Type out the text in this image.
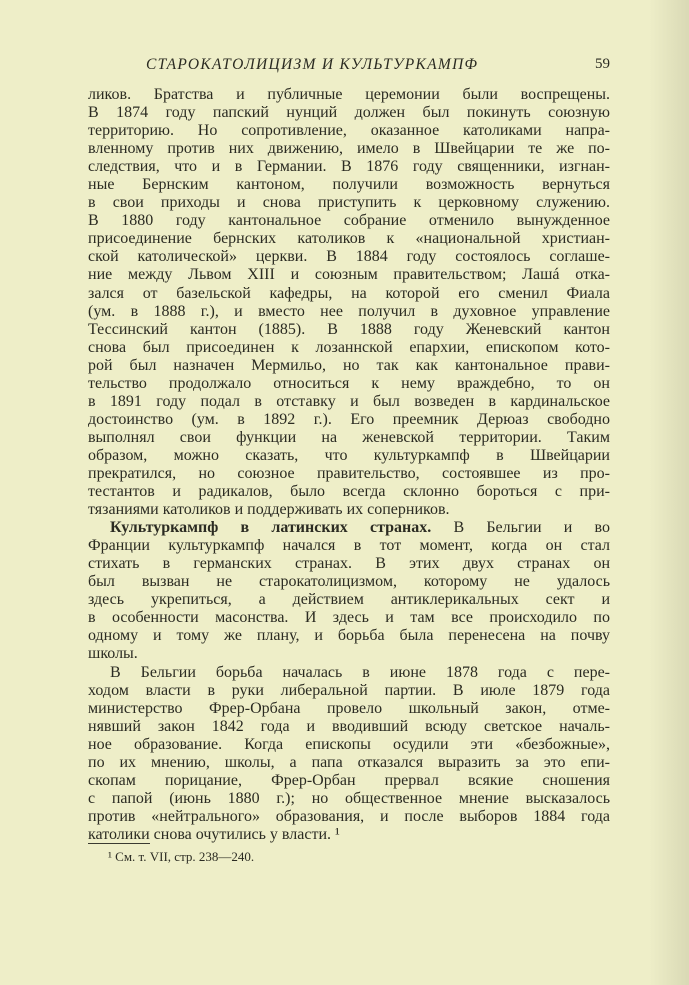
СТАРОКАТОЛИЦИЗМ И КУЛЬТУРКАМПФ	59
ликов. Братства и публичные церемонии были воспрещены.
В 1874 году папский нунций должен был покинуть союзную
территорию. Но сопротивление, оказанное католиками напра-
вленному против них движению, имело в Швейцарии те же по-
следствия, что и в Германии. В 1876 году священники, изгнан-
ные Бернским кантоном, получили возможность вернуться
в свои приходы и снова приступить к церковному служению.
В 1880 году кантональное собрание отменило вынужденное
присоединение бернских католиков к «национальной христиан-
ской католической» церкви. В 1884 году состоялось соглаше-
ние между Львом XIII и союзным правительством; Лашá отка-
зался от базельской кафедры, на которой его сменил Фиала
(ум. в 1888 г.), и вместо нее получил в духовное управление
Тессинский кантон (1885). В 1888 году Женевский кантон
снова был присоединен к лозаннской епархии, епископом кото-
рой был назначен Мермильо, но так как кантональное прави-
тельство продолжало относиться к нему враждебно, то он
в 1891 году подал в отставку и был возведен в кардинальское
достоинство (ум. в 1892 г.). Его преемник Дерюаз свободно
выполнял свои функции на женевской территории. Таким
образом, можно сказать, что культуркампф в Швейцарии
прекратился, но союзное правительство, состоявшее из про-
тестантов и радикалов, было всегда склонно бороться с при-
тязаниями католиков и поддерживать их соперников.
Культуркампф в латинских странах. В Бельгии и во
Франции культуркампф начался в тот момент, когда он стал
стихать в германских странах. В этих двух странах он
был вызван не старокатолицизмом, которому не удалось
здесь укрепиться, а действием антиклерикальных сект и
в особенности масонства. И здесь и там все происходило по
одному и тому же плану, и борьба была перенесена на почву
школы.
В Бельгии борьба началась в июне 1878 года с пере-
ходом власти в руки либеральной партии. В июле 1879 года
министерство Фрер-Орбана провело школьный закон, отме-
нявший закон 1842 года и вводивший всюду светское началь-
ное образование. Когда епископы осудили эти «безбожные»,
по их мнению, школы, а папа отказался выразить за это епи-
скопам порицание, Фрер-Орбан прервал всякие сношения
с папой (июнь 1880 г.); но общественное мнение высказалось
против «нейтрального» образования, и после выборов 1884 года
католики снова очутились у власти. ¹
¹ См. т. VII, стр. 238—240.
